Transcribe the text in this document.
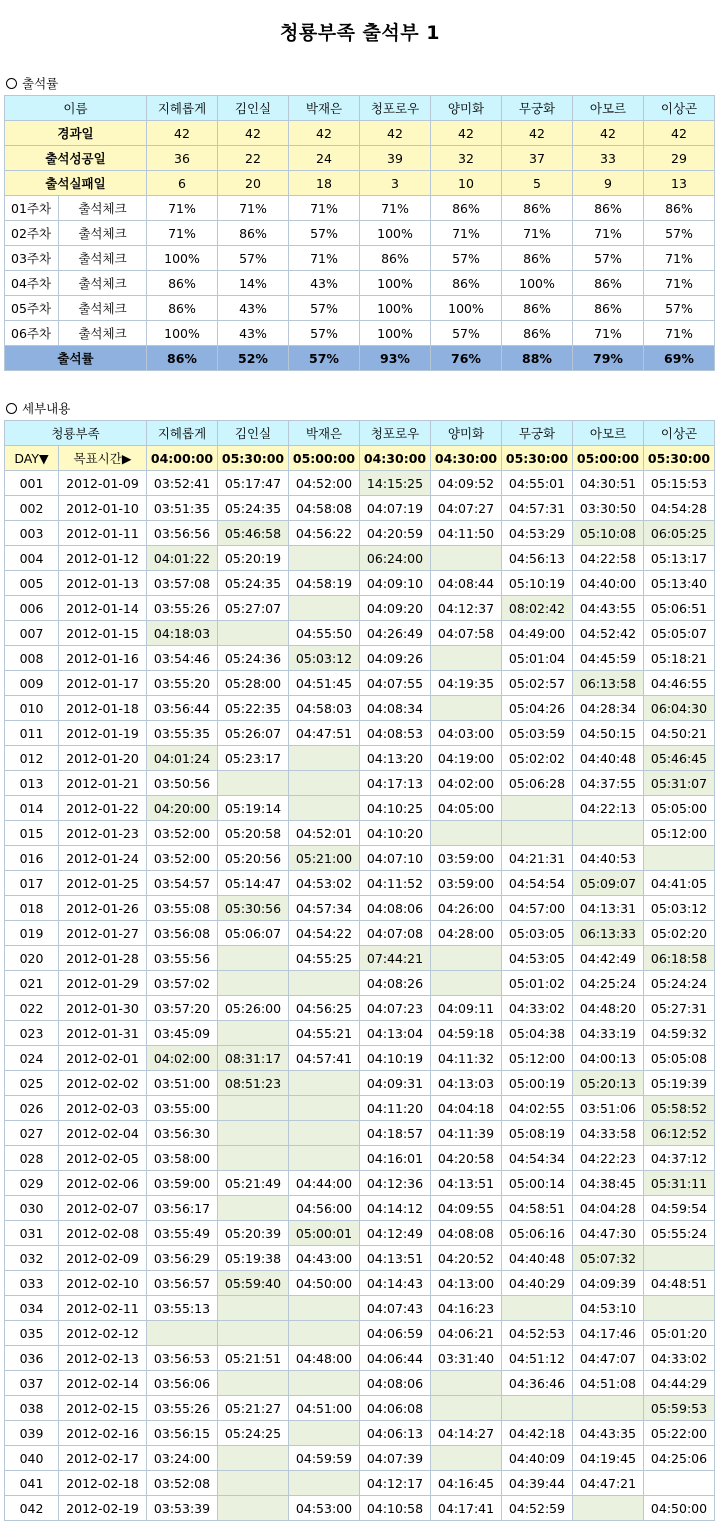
청룡부족 출석부 1
출석률
이름		지헤롭게	김인실	박재은	청포로우	양미화	무궁화	아모르	이상곤
경과일		42	42	42	42	42	42	42	42
출석성공일		36	22	24	39	32	37	33	29
출석실패일		6	20	18	3	10	5	9	13
01주차	출석체크	71%	71%	71%	71%	86%	86%	86%	86%
02주차	출석체크	71%	86%	57%	100%	71%	71%	71%	57%
03주차	출석체크	100%	57%	71%	86%	57%	86%	57%	71%
04주차	출석체크	86%	14%	43%	100%	86%	100%	86%	71%
05주차	출석체크	86%	43%	57%	100%	100%	86%	86%	57%
06주차	출석체크	100%	43%	57%	100%	57%	86%	71%	71%
출석률		86%	52%	57%	93%	76%	88%	79%	69%
세부내용
청룡부족		지헤롭게	김인실	박재은	청포로우	양미화	무궁화	아모르	이상곤
DAY▼	목표시간▶	04:00:00	05:30:00	05:00:00	04:30:00	04:30:00	05:30:00	05:00:00	05:30:00
001	2012-01-09	03:52:41	05:17:47	04:52:00	14:15:25	04:09:52	04:55:01	04:30:51	05:15:53
002	2012-01-10	03:51:35	05:24:35	04:58:08	04:07:19	04:07:27	04:57:31	03:30:50	04:54:28
003	2012-01-11	03:56:56	05:46:58	04:56:22	04:20:59	04:11:50	04:53:29	05:10:08	06:05:25
004	2012-01-12	04:01:22	05:20:19		06:24:00		04:56:13	04:22:58	05:13:17
005	2012-01-13	03:57:08	05:24:35	04:58:19	04:09:10	04:08:44	05:10:19	04:40:00	05:13:40
006	2012-01-14	03:55:26	05:27:07		04:09:20	04:12:37	08:02:42	04:43:55	05:06:51
007	2012-01-15	04:18:03		04:55:50	04:26:49	04:07:58	04:49:00	04:52:42	05:05:07
008	2012-01-16	03:54:46	05:24:36	05:03:12	04:09:26		05:01:04	04:45:59	05:18:21
009	2012-01-17	03:55:20	05:28:00	04:51:45	04:07:55	04:19:35	05:02:57	06:13:58	04:46:55
010	2012-01-18	03:56:44	05:22:35	04:58:03	04:08:34		05:04:26	04:28:34	06:04:30
011	2012-01-19	03:55:35	05:26:07	04:47:51	04:08:53	04:03:00	05:03:59	04:50:15	04:50:21
012	2012-01-20	04:01:24	05:23:17		04:13:20	04:19:00	05:02:02	04:40:48	05:46:45
013	2012-01-21	03:50:56			04:17:13	04:02:00	05:06:28	04:37:55	05:31:07
014	2012-01-22	04:20:00	05:19:14		04:10:25	04:05:00		04:22:13	05:05:00
015	2012-01-23	03:52:00	05:20:58	04:52:01	04:10:20				05:12:00
016	2012-01-24	03:52:00	05:20:56	05:21:00	04:07:10	03:59:00	04:21:31	04:40:53	
017	2012-01-25	03:54:57	05:14:47	04:53:02	04:11:52	03:59:00	04:54:54	05:09:07	04:41:05
018	2012-01-26	03:55:08	05:30:56	04:57:34	04:08:06	04:26:00	04:57:00	04:13:31	05:03:12
019	2012-01-27	03:56:08	05:06:07	04:54:22	04:07:08	04:28:00	05:03:05	06:13:33	05:02:20
020	2012-01-28	03:55:56		04:55:25	07:44:21		04:53:05	04:42:49	06:18:58
021	2012-01-29	03:57:02			04:08:26		05:01:02	04:25:24	05:24:24
022	2012-01-30	03:57:20	05:26:00	04:56:25	04:07:23	04:09:11	04:33:02	04:48:20	05:27:31
023	2012-01-31	03:45:09		04:55:21	04:13:04	04:59:18	05:04:38	04:33:19	04:59:32
024	2012-02-01	04:02:00	08:31:17	04:57:41	04:10:19	04:11:32	05:12:00	04:00:13	05:05:08
025	2012-02-02	03:51:00	08:51:23		04:09:31	04:13:03	05:00:19	05:20:13	05:19:39
026	2012-02-03	03:55:00			04:11:20	04:04:18	04:02:55	03:51:06	05:58:52
027	2012-02-04	03:56:30			04:18:57	04:11:39	05:08:19	04:33:58	06:12:52
028	2012-02-05	03:58:00			04:16:01	04:20:58	04:54:34	04:22:23	04:37:12
029	2012-02-06	03:59:00	05:21:49	04:44:00	04:12:36	04:13:51	05:00:14	04:38:45	05:31:11
030	2012-02-07	03:56:17		04:56:00	04:14:12	04:09:55	04:58:51	04:04:28	04:59:54
031	2012-02-08	03:55:49	05:20:39	05:00:01	04:12:49	04:08:08	05:06:16	04:47:30	05:55:24
032	2012-02-09	03:56:29	05:19:38	04:43:00	04:13:51	04:20:52	04:40:48	05:07:32	
033	2012-02-10	03:56:57	05:59:40	04:50:00	04:14:43	04:13:00	04:40:29	04:09:39	04:48:51
034	2012-02-11	03:55:13			04:07:43	04:16:23		04:53:10	
035	2012-02-12				04:06:59	04:06:21	04:52:53	04:17:46	05:01:20
036	2012-02-13	03:56:53	05:21:51	04:48:00	04:06:44	03:31:40	04:51:12	04:47:07	04:33:02
037	2012-02-14	03:56:06			04:08:06		04:36:46	04:51:08	04:44:29
038	2012-02-15	03:55:26	05:21:27	04:51:00	04:06:08				05:59:53
039	2012-02-16	03:56:15	05:24:25		04:06:13	04:14:27	04:42:18	04:43:35	05:22:00
040	2012-02-17	03:24:00		04:59:59	04:07:39		04:40:09	04:19:45	04:25:06
041	2012-02-18	03:52:08			04:12:17	04:16:45	04:39:44	04:47:21	
042	2012-02-19	03:53:39		04:53:00	04:10:58	04:17:41	04:52:59		04:50:00
